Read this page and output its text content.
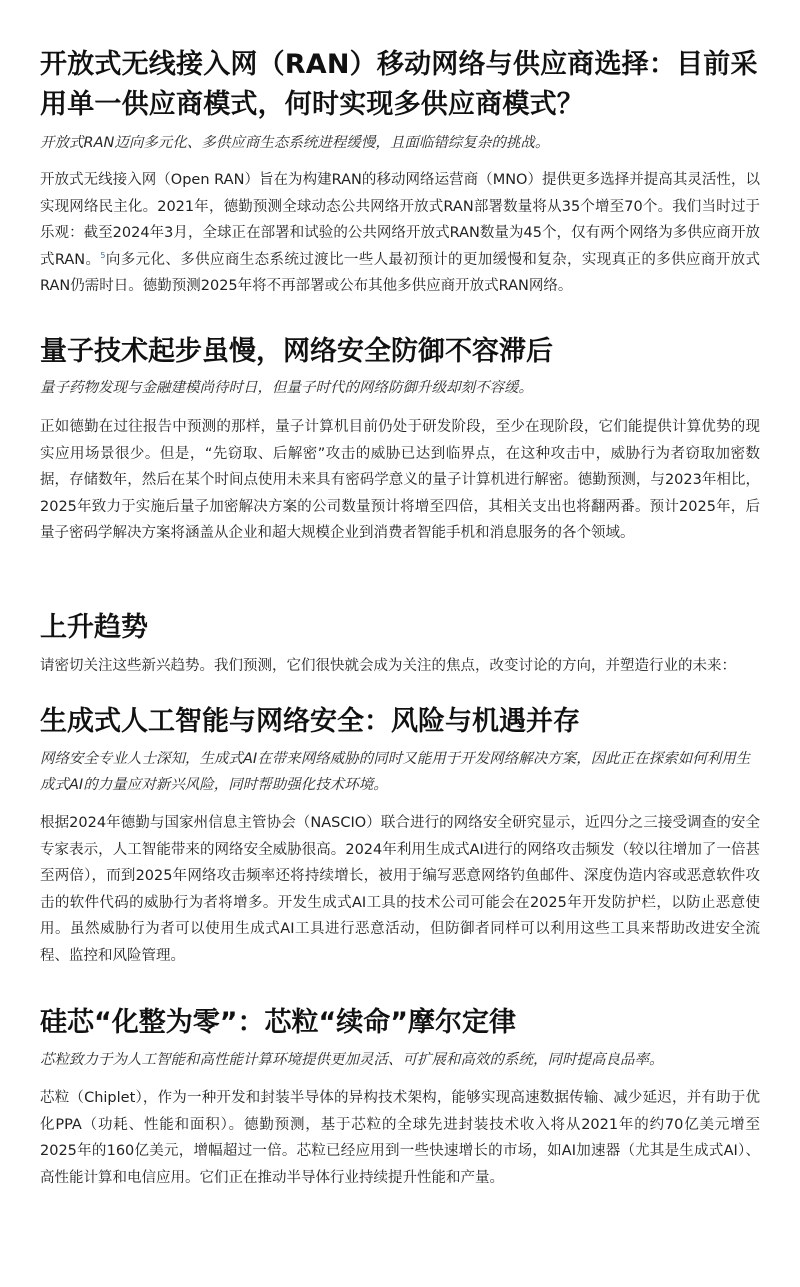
开放式无线接入网（RAN）移动网络与供应商选择：目前采用单一供应商模式，何时实现多供应商模式？

开放式RAN迈向多元化、多供应商生态系统进程缓慢，且面临错综复杂的挑战。

开放式无线接入网（Open RAN）旨在为构建RAN的移动网络运营商（MNO）提供更多选择并提高其灵活性，以实现网络民主化。2021年，德勤预测全球动态公共网络开放式RAN部署数量将从35个增至70个。我们当时过于乐观：截至2024年3月，全球正在部署和试验的公共网络开放式RAN数量为45个，仅有两个网络为多供应商开放式RAN。$^5$向多元化、多供应商生态系统过渡比一些人最初预计的更加缓慢和复杂，实现真正的多供应商开放式 RAN仍需时日。德勤预测2025年将不再部署或公布其他多供应商开放式RAN网络。

量子技术起步虽慢，网络安全防御不容滞后

量子药物发现与金融建模尚待时日，但量子时代的网络防御升级却刻不容缓。

正如德勤在过往报告中预测的那样，量子计算机目前仍处于研发阶段，至少在现阶段，它们能提供计算优势的现实应用场景很少。但是，“先窃取、后解密”攻击的威胁已达到临界点，在这种攻击中，威胁行为者窃取加密数据，存储数年，然后在某个时间点使用未来具有密码学意义的量子计算机进行解密。德勤预测，与2023年相比，2025年致力于实施后量子加密解决方案的公司数量预计将增至四倍，其相关支出也将翻两番。预计2025年，后量子密码学解决方案将涵盖从企业和超大规模企业到消费者智能手机和消息服务的各个领域。

上升趋势

请密切关注这些新兴趋势。我们预测，它们很快就会成为关注的焦点，改变讨论的方向，并塑造行业的未来：

生成式人工智能与网络安全：风险与机遇并存

网络安全专业人士深知，生成式AI在带来网络威胁的同时又能用于开发网络解决方案，因此正在探索如何利用生成式AI的力量应对新兴风险，同时帮助强化技术环境。

根据2024年德勤与国家州信息主管协会（NASCIO）联合进行的网络安全研究显示，近四分之三接受调查的安全专家表示，人工智能带来的网络安全威胁很高。2024年利用生成式AI进行的网络攻击频发（较以往增加了一倍甚至两倍），而到2025年网络攻击频率还将持续增长，被用于编写恶意网络钓鱼邮件、深度伪造内容或恶意软件攻击的软件代码的威胁行为者将增多。开发生成式AI工具的技术公司可能会在2025年开发防护栏，以防止恶意使用。虽然威胁行为者可以使用生成式AI工具进行恶意活动，但防御者同样可以利用这些工具来帮助改进安全流程、监控和风险管理。

硅芯“化整为零”：芯粒“续命”摩尔定律

芯粒致力于为人工智能和高性能计算环境提供更加灵活、可扩展和高效的系统，同时提高良品率。

芯粒（Chiplet），作为一种开发和封装半导体的异构技术架构，能够实现高速数据传输、减少延迟，并有助于优化PPA（功耗、性能和面积）。德勤预测，基于芯粒的全球先进封装技术收入将从2021年的约70亿美元增至2025年的160亿美元，增幅超过一倍。芯粒已经应用到一些快速增长的市场，如AI加速器（尤其是生成式AI）、高性能计算和电信应用。它们正在推动半导体行业持续提升性能和产量。
